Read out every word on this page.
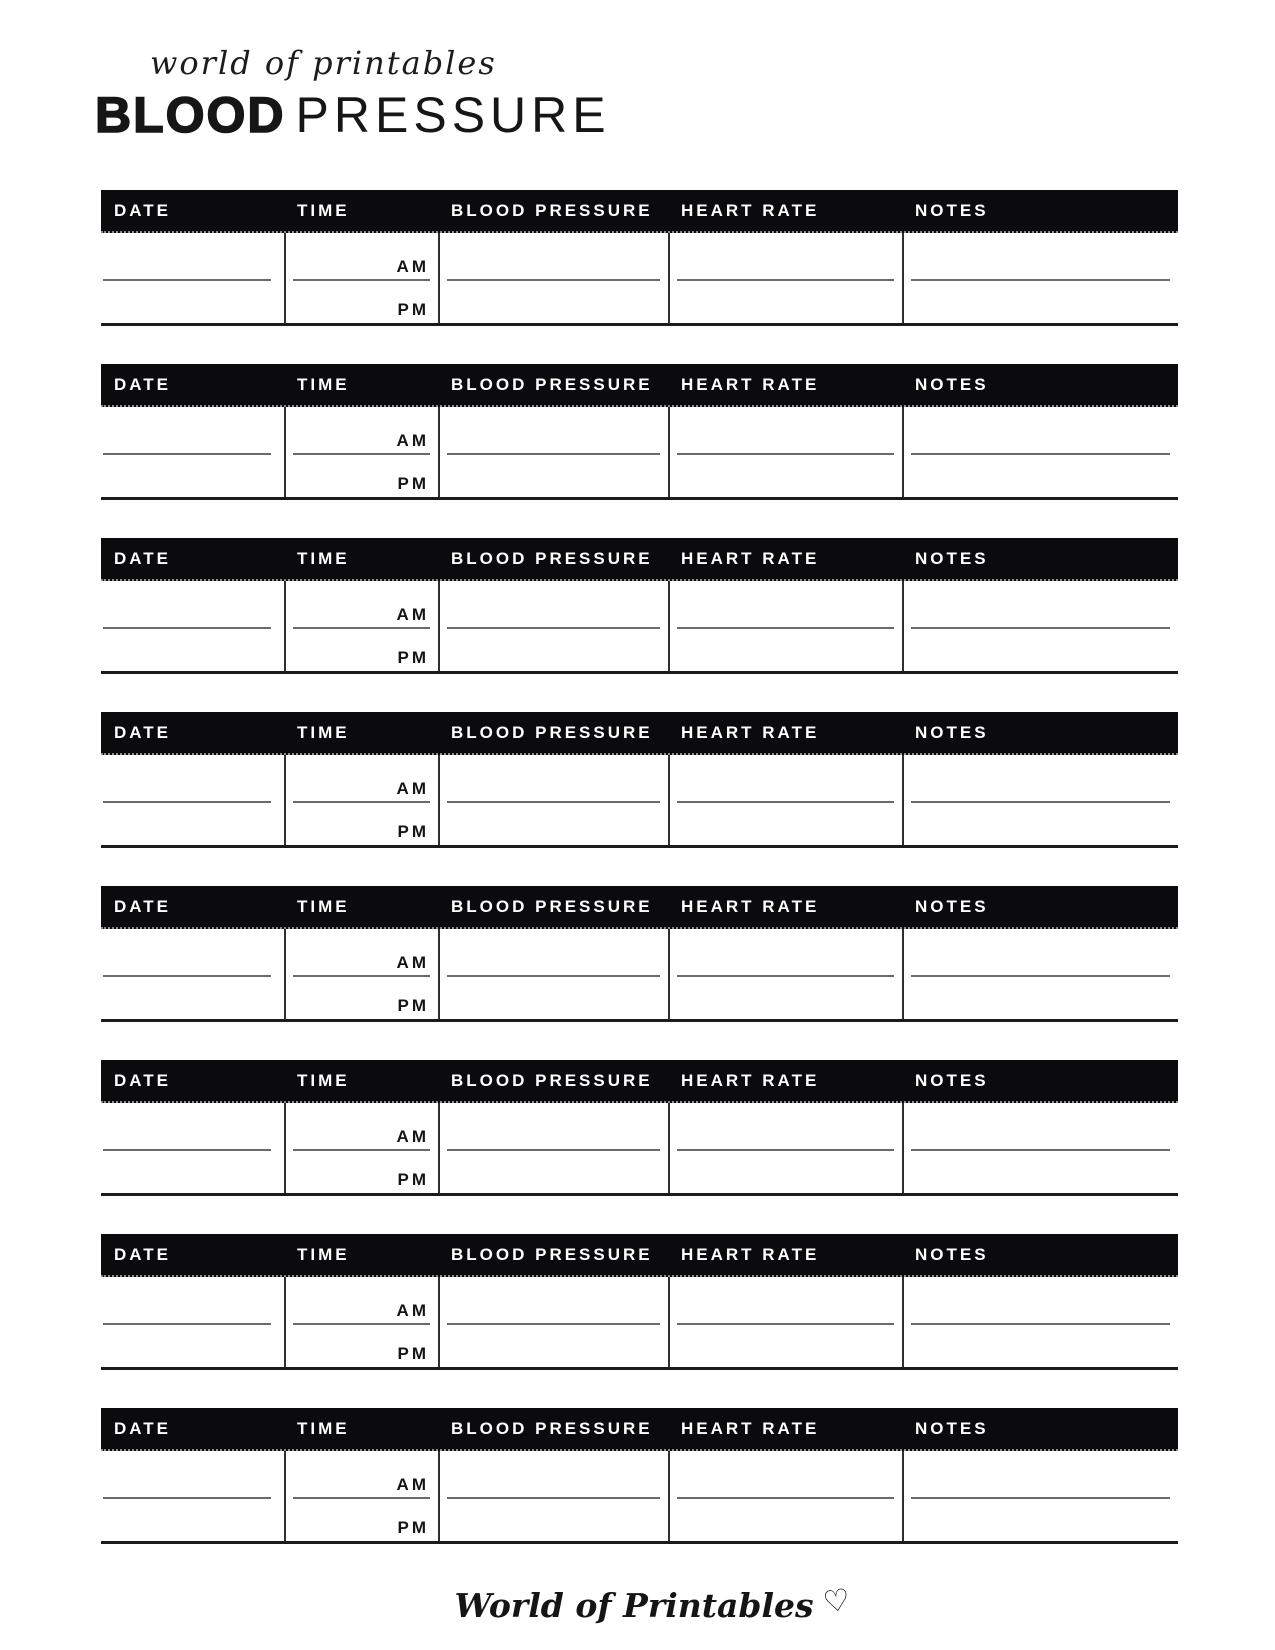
world of printables
BLOOD PRESSURE
DATE	TIME	BLOOD PRESSURE	HEART RATE	NOTES
AM
PM
DATE	TIME	BLOOD PRESSURE	HEART RATE	NOTES
AM
PM
DATE	TIME	BLOOD PRESSURE	HEART RATE	NOTES
AM
PM
DATE	TIME	BLOOD PRESSURE	HEART RATE	NOTES
AM
PM
DATE	TIME	BLOOD PRESSURE	HEART RATE	NOTES
AM
PM
DATE	TIME	BLOOD PRESSURE	HEART RATE	NOTES
AM
PM
DATE	TIME	BLOOD PRESSURE	HEART RATE	NOTES
AM
PM
DATE	TIME	BLOOD PRESSURE	HEART RATE	NOTES
AM
PM
World of Printables ♡
